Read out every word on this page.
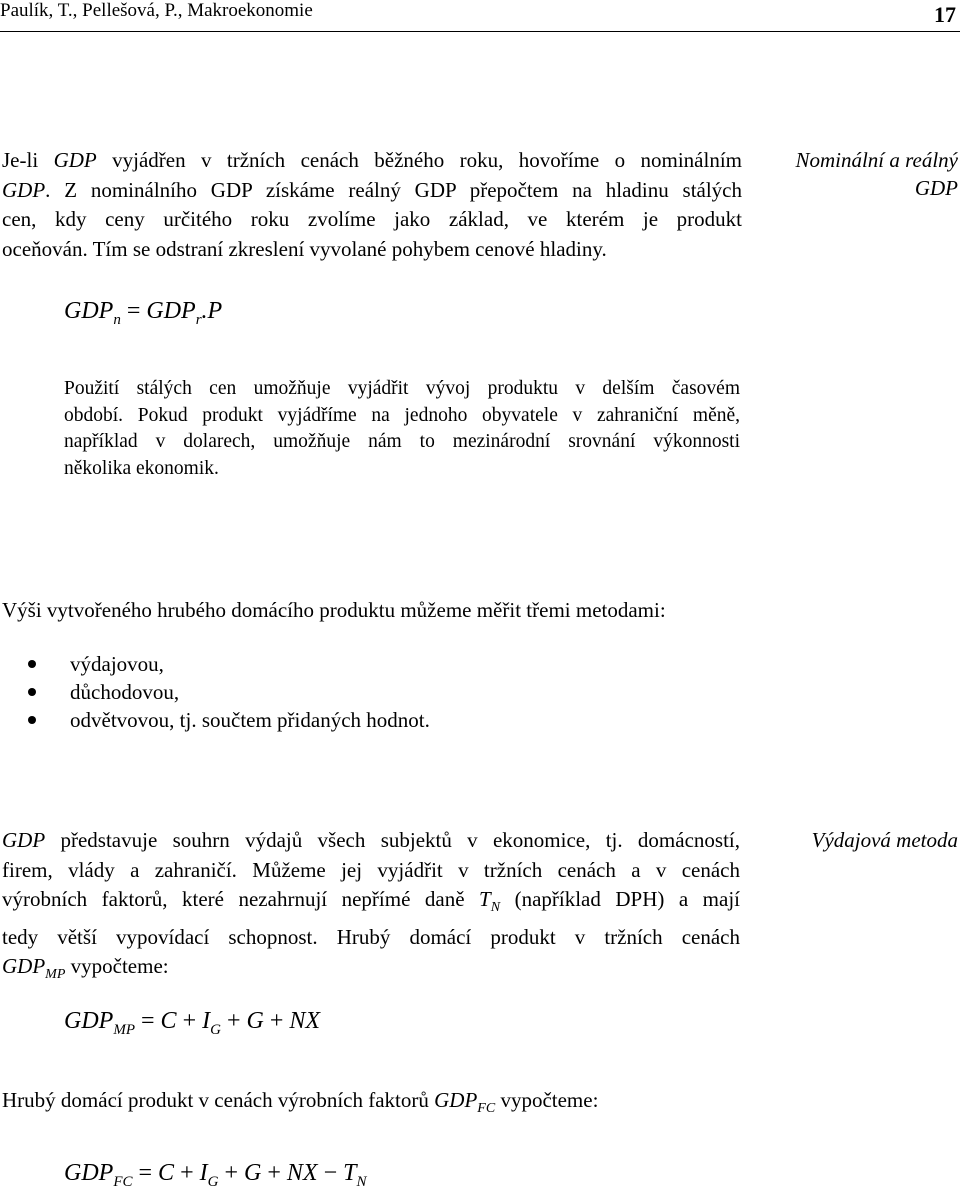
Paulík, T., Pellešová, P., Makroekonomie	17
Je-li GDP vyjádřen v tržních cenách běžného roku, hovoříme o nominálním
GDP. Z nominálního GDP získáme reálný GDP přepočtem na hladinu stálých
cen, kdy ceny určitého roku zvolíme jako základ, ve kterém je produkt
oceňován. Tím se odstraní zkreslení vyvolané pohybem cenové hladiny.
Nominální a reálný
GDP
$GDP_n = GDP_r.P$
Použití stálých cen umožňuje vyjádřit vývoj produktu v delším časovém
období. Pokud produkt vyjádříme na jednoho obyvatele v zahraniční měně,
například v dolarech, umožňuje nám to mezinárodní srovnání výkonnosti
několika ekonomik.
Výši vytvořeného hrubého domácího produktu můžeme měřit třemi metodami:
výdajovou,
důchodovou,
odvětvovou, tj. součtem přidaných hodnot.
GDP představuje souhrn výdajů všech subjektů v ekonomice, tj. domácností,
firem, vlády a zahraničí. Můžeme jej vyjádřit v tržních cenách a v cenách
výrobních faktorů, které nezahrnují nepřímé daně $T_N$ (například DPH) a mají
tedy větší vypovídací schopnost. Hrubý domácí produkt v tržních cenách
$GDP_{MP}$ vypočteme:
Výdajová metoda
$GDP_{MP} = C + I_G + G$ + NX
Hrubý domácí produkt v cenách výrobních faktorů $GDP_{FC}$ vypočteme:
$GDP_{FC} = C + I_G + G$ + NX − $T_N$
